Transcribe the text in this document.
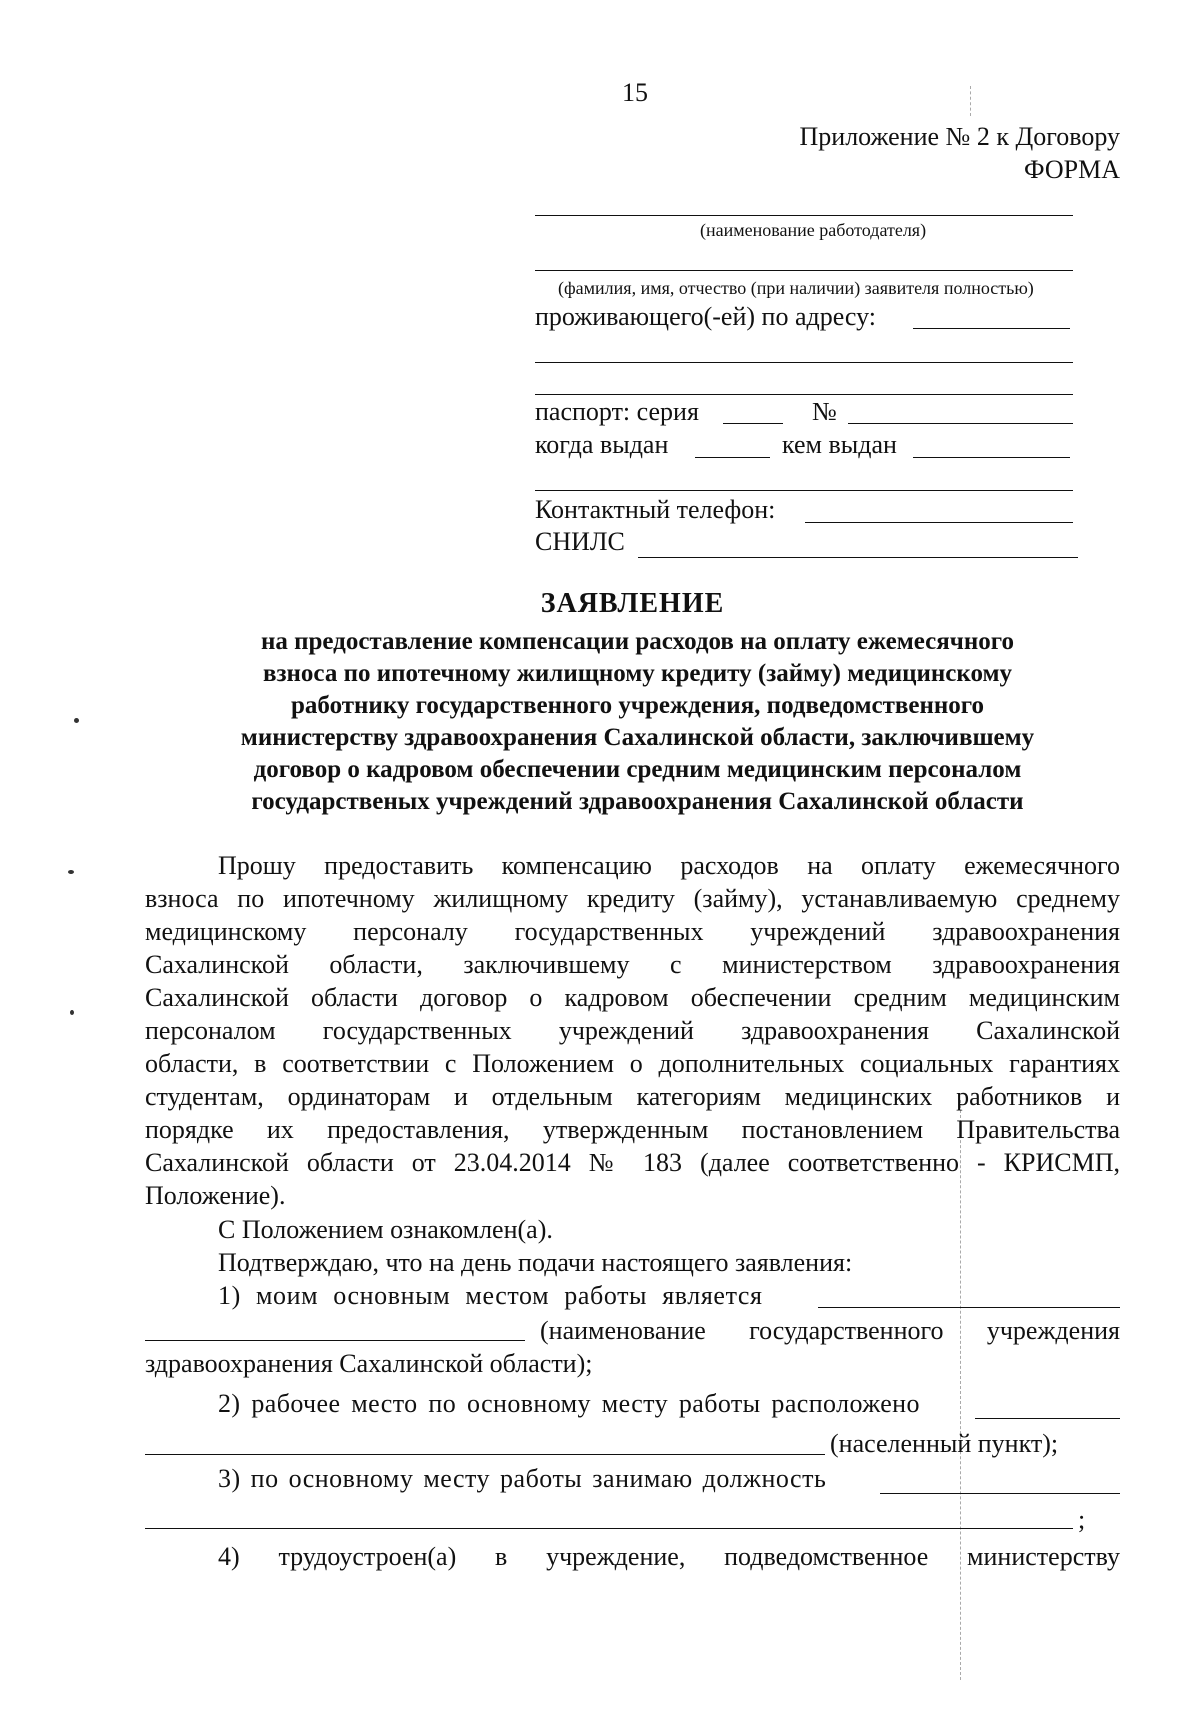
15
Приложение № 2 к Договору
ФОРМА
(наименование работодателя)
(фамилия, имя, отчество (при наличии) заявителя полностью)
проживающего(-ей) по адресу:
паспорт: серия	№
когда выдан	кем выдан
Контактный телефон:
СНИЛС
ЗАЯВЛЕНИЕ
на предоставление компенсации расходов на оплату ежемесячного
взноса по ипотечному жилищному кредиту (займу) медицинскому
работнику государственного учреждения, подведомственного
министерству здравоохранения Сахалинской области, заключившему
договор о кадровом обеспечении средним медицинским персоналом
государственых учреждений здравоохранения Сахалинской области
Прошу предоставить компенсацию расходов на оплату ежемесячного
взноса по ипотечному жилищному кредиту (займу), устанавливаемую среднему
медицинскому персоналу государственных учреждений здравоохранения
Сахалинской области, заключившему с министерством здравоохранения
Сахалинской области договор о кадровом обеспечении средним медицинским
персоналом государственных учреждений здравоохранения Сахалинской
области, в соответствии с Положением о дополнительных социальных гарантиях
студентам, ординаторам и отдельным категориям медицинских работников и
порядке их предоставления, утвержденным постановлением Правительства
Сахалинской области от 23.04.2014 № 183 (далее соответственно - КРИСМП,
Положение).
С Положением ознакомлен(а).
Подтверждаю, что на день подачи настоящего заявления:
1) моим основным местом работы является
(наименование государственного учреждения
здравоохранения Сахалинской области);
2) рабочее место по основному месту работы расположено
(населенный пункт);
3) по основному месту работы занимаю должность
;
4) трудоустроен(а) в учреждение, подведомственное министерству
